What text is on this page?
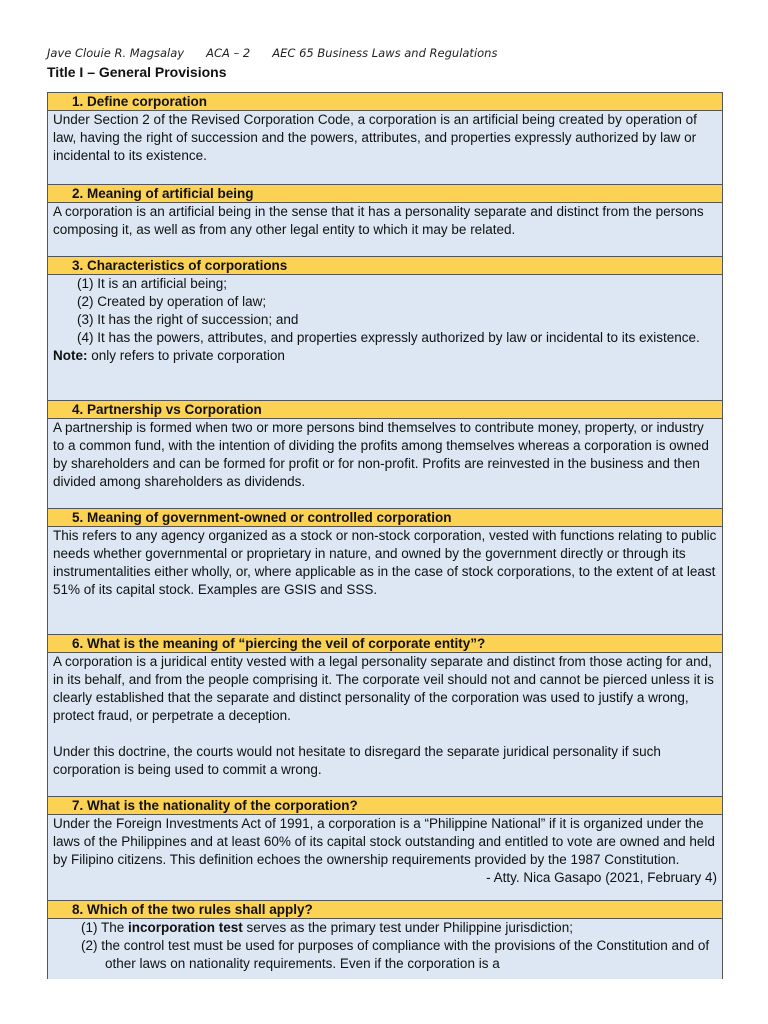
Jave Clouie R. Magsalay ACA – 2 AEC 65 Business Laws and Regulations
Title I – General Provisions
1. Define corporation

Under Section 2 of the Revised Corporation Code, a corporation is an artificial being created by operation of law, having the right of succession and the powers, attributes, and properties expressly authorized by law or incidental to its existence.

2. Meaning of artificial being

A corporation is an artificial being in the sense that it has a personality separate and distinct from the persons composing it, as well as from any other legal entity to which it may be related.

3. Characteristics of corporations
(1) It is an artificial being;
(2) Created by operation of law;
(3) It has the right of succession; and
(4) It has the powers, attributes, and properties expressly authorized by law or incidental to its existence.

Note: only refers to private corporation

4. Partnership vs Corporation

A partnership is formed when two or more persons bind themselves to contribute money, property, or industry to a common fund, with the intention of dividing the profits among themselves whereas a corporation is owned by shareholders and can be formed for profit or for non-profit. Profits are reinvested in the business and then divided among shareholders as dividends.

5. Meaning of government-owned or controlled corporation

This refers to any agency organized as a stock or non-stock corporation, vested with functions relating to public needs whether governmental or proprietary in nature, and owned by the government directly or through its instrumentalities either wholly, or, where applicable as in the case of stock corporations, to the extent of at least 51% of its capital stock. Examples are GSIS and SSS.

6. What is the meaning of “piercing the veil of corporate entity”?

A corporation is a juridical entity vested with a legal personality separate and distinct from those acting for and, in its behalf, and from the people comprising it. The corporate veil should not and cannot be pierced unless it is clearly established that the separate and distinct personality of the corporation was used to justify a wrong, protect fraud, or perpetrate a deception.

Under this doctrine, the courts would not hesitate to disregard the separate juridical personality if such corporation is being used to commit a wrong.

7. What is the nationality of the corporation?

Under the Foreign Investments Act of 1991, a corporation is a “Philippine National” if it is organized under the laws of the Philippines and at least 60% of its capital stock outstanding and entitled to vote are owned and held by Filipino citizens. This definition echoes the ownership requirements provided by the 1987 Constitution.
- Atty. Nica Gasapo (2021, February 4)

8. Which of the two rules shall apply?
(1) The incorporation test serves as the primary test under Philippine jurisdiction;
(2) the control test must be used for purposes of compliance with the provisions of the Constitution and of other laws on nationality requirements. Even if the corporation is a
